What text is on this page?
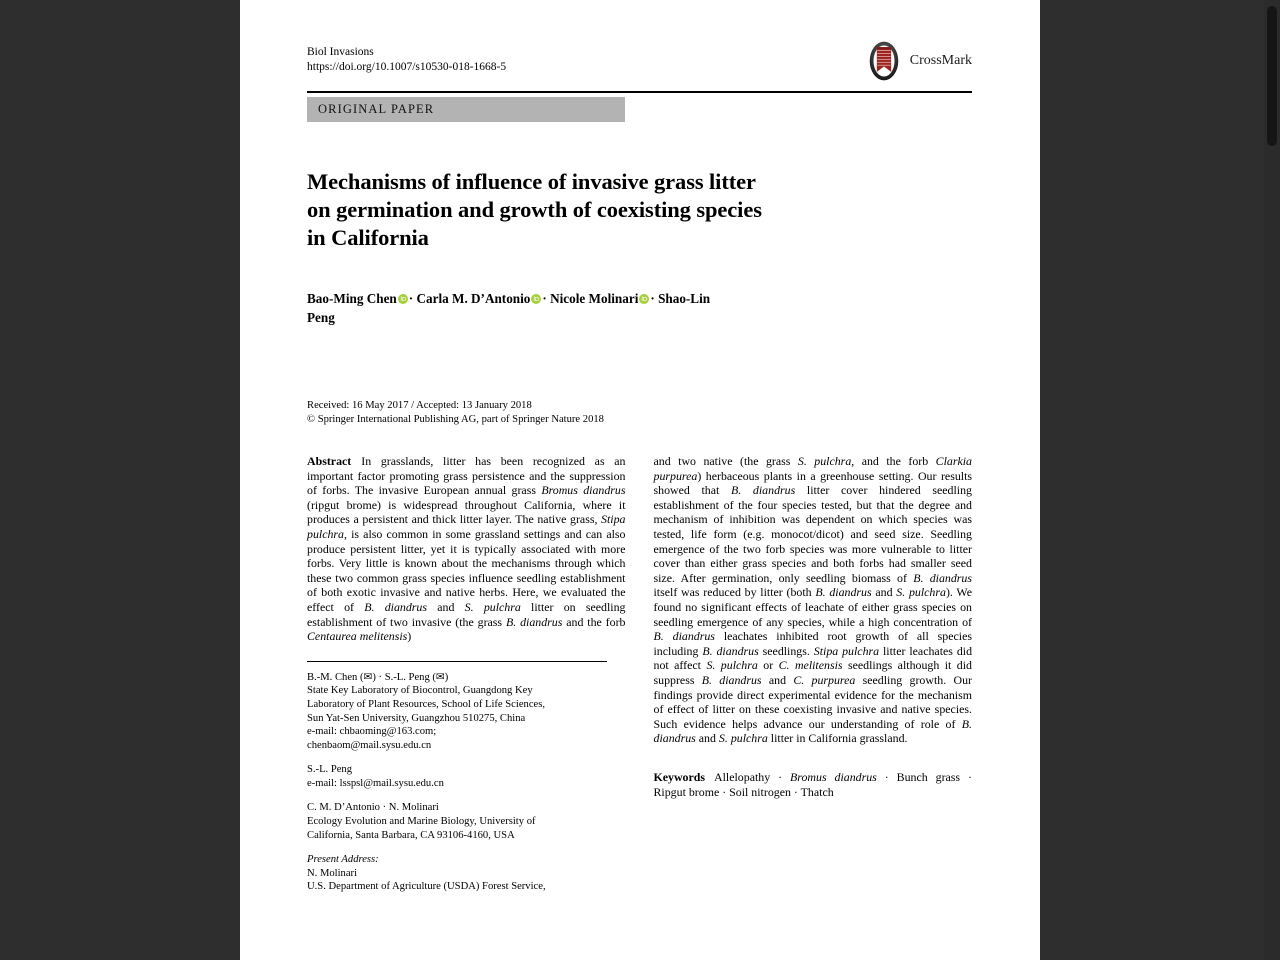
Biol Invasions
https://doi.org/10.1007/s10530-018-1668-5	CrossMark
ORIGINAL PAPER
Mechanisms of influence of invasive grass litter
on germination and growth of coexisting species
in California
Bao-Ming Chen · Carla M. D’Antonio · Nicole Molinari · Shao-Lin Peng
Received: 16 May 2017 / Accepted: 13 January 2018
© Springer International Publishing AG, part of Springer Nature 2018

Abstract In grasslands, litter has been recognized as an important factor promoting grass persistence and the suppression of forbs. The invasive European annual grass Bromus diandrus (ripgut brome) is widespread throughout California, where it produces a persistent and thick litter layer. The native grass, Stipa pulchra, is also common in some grassland settings and can also produce persistent litter, yet it is typically associated with more forbs. Very little is known about the mechanisms through which these two common grass species influence seedling establishment of both exotic invasive and native herbs. Here, we evaluated the effect of B. diandrus and S. pulchra litter on seedling establishment of two invasive (the grass B. diandrus and the forb Centaurea melitensis)

B.-M. Chen (✉) · S.-L. Peng (✉)
State Key Laboratory of Biocontrol, Guangdong Key
Laboratory of Plant Resources, School of Life Sciences,
Sun Yat-Sen University, Guangzhou 510275, China
e-mail: chbaoming@163.com;
chenbaom@mail.sysu.edu.cn
S.-L. Peng
e-mail: lsspsl@mail.sysu.edu.cn
C. M. D’Antonio · N. Molinari
Ecology Evolution and Marine Biology, University of
California, Santa Barbara, CA 93106-4160, USA
Present Address:
N. Molinari
U.S. Department of Agriculture (USDA) Forest Service,

and two native (the grass S. pulchra, and the forb Clarkia purpurea) herbaceous plants in a greenhouse setting. Our results showed that B. diandrus litter cover hindered seedling establishment of the four species tested, but that the degree and mechanism of inhibition was dependent on which species was tested, life form (e.g. monocot/dicot) and seed size. Seedling emergence of the two forb species was more vulnerable to litter cover than either grass species and both forbs had smaller seed size. After germination, only seedling biomass of B. diandrus itself was reduced by litter (both B. diandrus and S. pulchra). We found no significant effects of leachate of either grass species on seedling emergence of any species, while a high concentration of B. diandrus leachates inhibited root growth of all species including B. diandrus seedlings. Stipa pulchra litter leachates did not affect S. pulchra or C. melitensis seedlings although it did suppress B. diandrus and C. purpurea seedling growth. Our findings provide direct experimental evidence for the mechanism of effect of litter on these coexisting invasive and native species. Such evidence helps advance our understanding of role of B. diandrus and S. pulchra litter in California grassland.

Keywords Allelopathy · Bromus diandrus · Bunch grass · Ripgut brome · Soil nitrogen · Thatch
